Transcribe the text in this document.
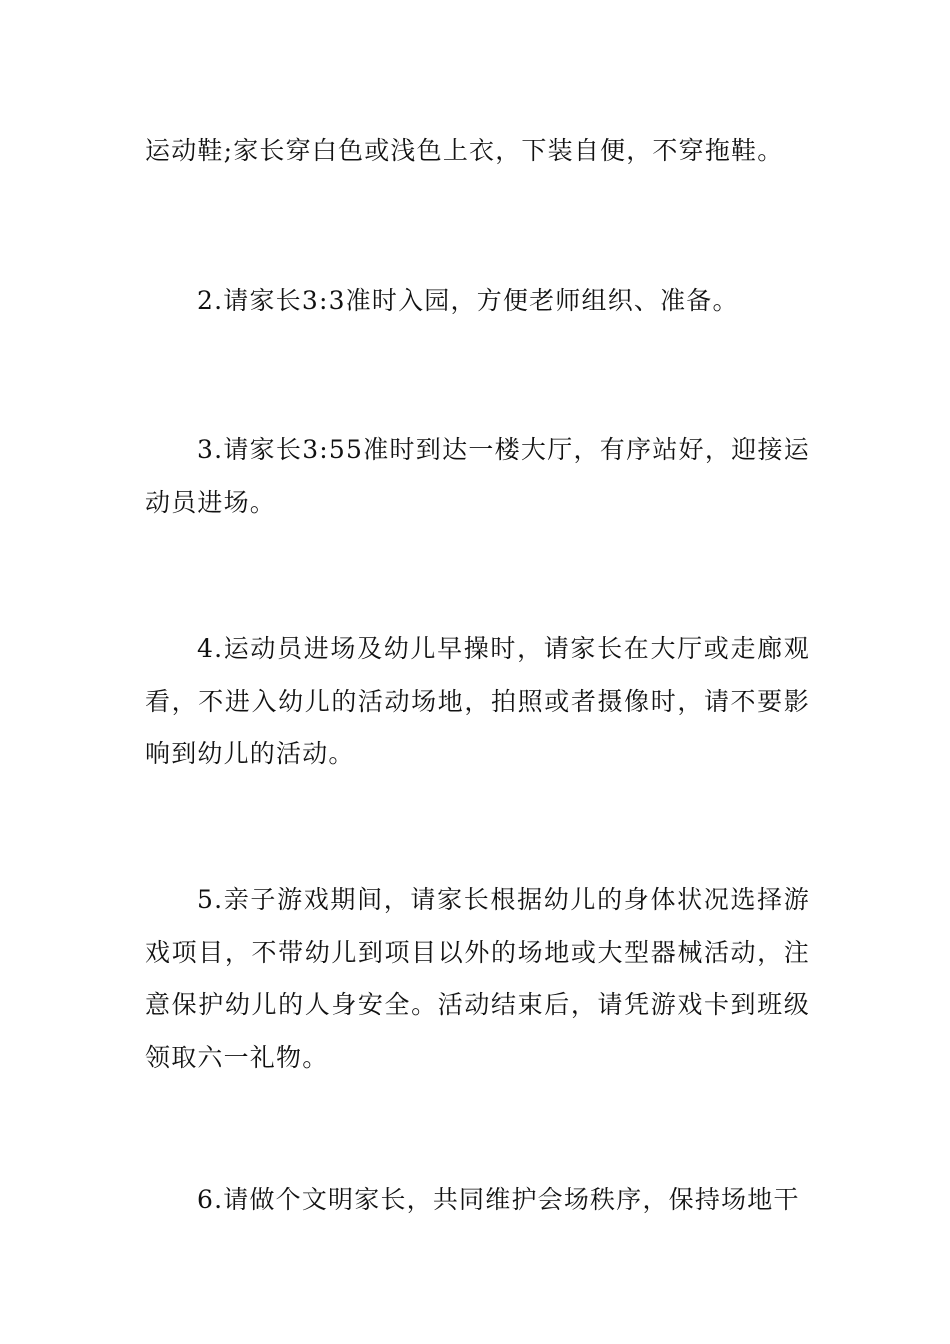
运动鞋;家长穿白色或浅色上衣，下装自便，不穿拖鞋。

2.请家长3:3准时入园，方便老师组织、准备。

3.请家长3:55准时到达一楼大厅，有序站好，迎接运动员进场。

4.运动员进场及幼儿早操时，请家长在大厅或走廊观看，不进入幼儿的活动场地，拍照或者摄像时，请不要影响到幼儿的活动。

5.亲子游戏期间，请家长根据幼儿的身体状况选择游戏项目，不带幼儿到项目以外的场地或大型器械活动，注意保护幼儿的人身安全。活动结束后，请凭游戏卡到班级领取六一礼物。

6.请做个文明家长，共同维护会场秩序，保持场地干
